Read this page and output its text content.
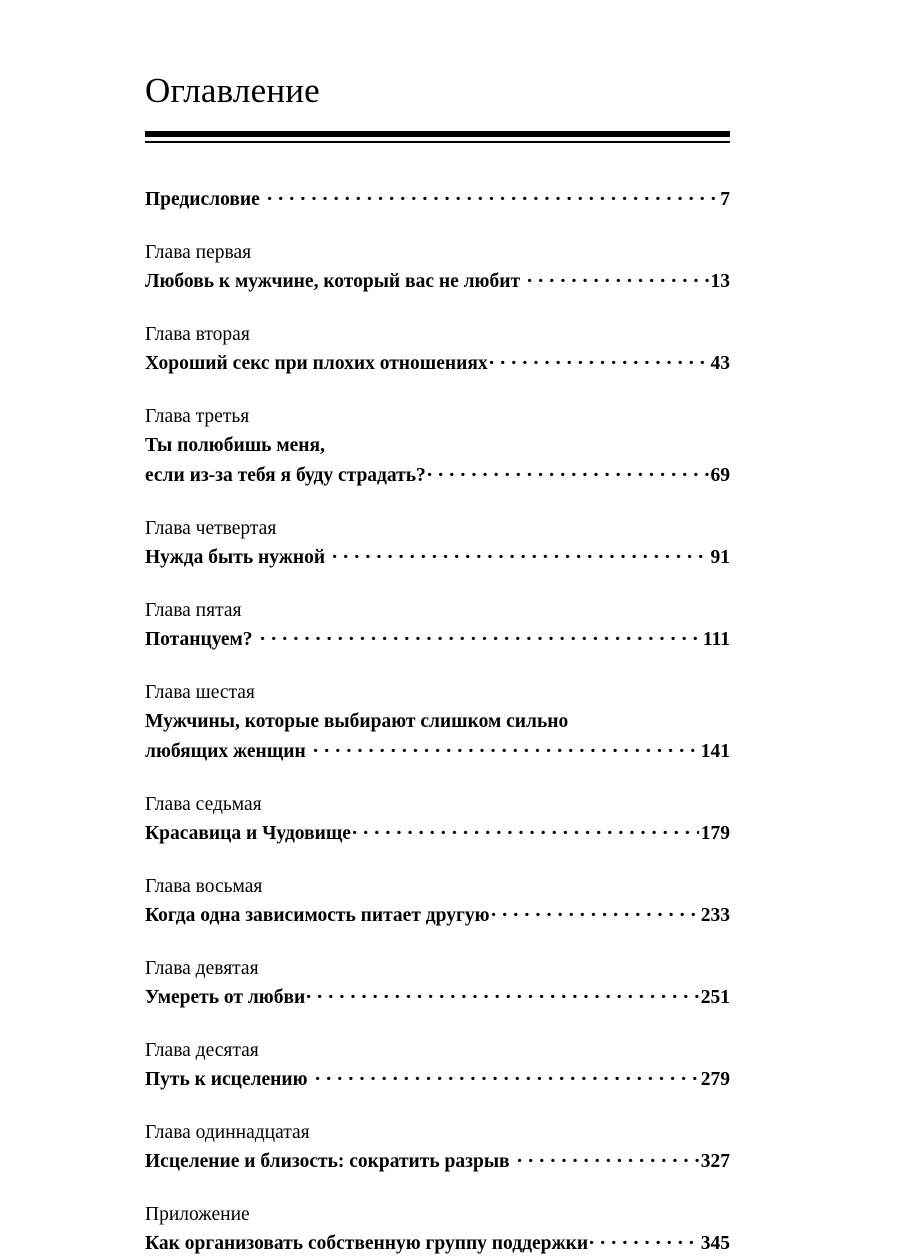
Оглавление
Предисловие	7
Глава первая
Любовь к мужчине, который вас не любит	13
Глава вторая
Хороший секс при плохих отношениях	43
Глава третья
Ты полюбишь меня,
если из-за тебя я буду страдать?	69
Глава четвертая
Нужда быть нужной	91
Глава пятая
Потанцуем?	111
Глава шестая
Мужчины, которые выбирают слишком сильно
любящих женщин	141
Глава седьмая
Красавица и Чудовище	179
Глава восьмая
Когда одна зависимость питает другую	233
Глава девятая
Умереть от любви	251
Глава десятая
Путь к исцелению	279
Глава одиннадцатая
Исцеление и близость: сократить разрыв	327
Приложение
Как организовать собственную группу поддержки	345
